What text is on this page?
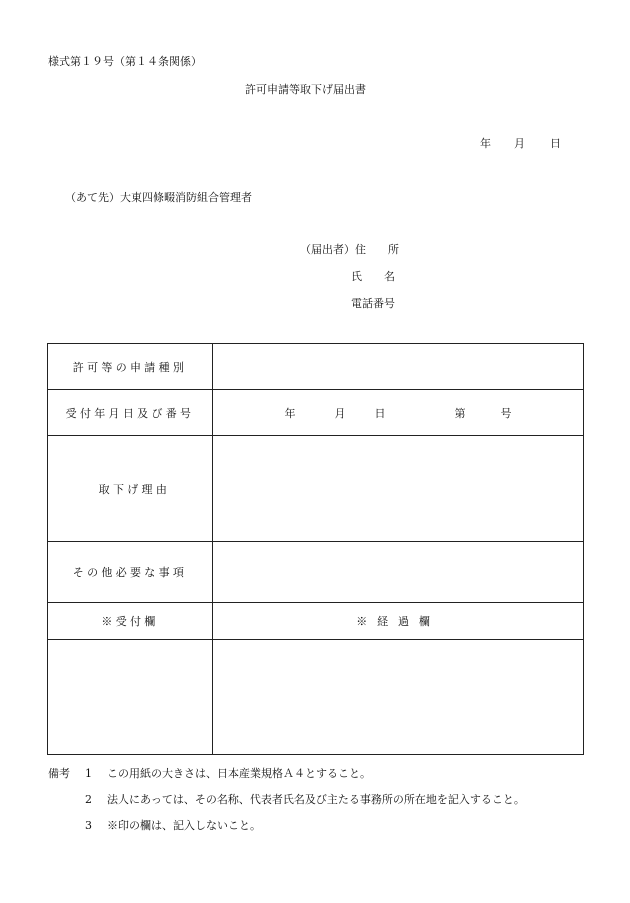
様式第１９号（第１４条関係）
許可申請等取下げ届出書
年 月 日
（あて先）大東四條畷消防組合管理者
（届出者）住　　所
氏　　名
電話番号
許可等の申請種別	
受付年月日及び番号	年 月 日 第 号
取下げ理由	
その他必要な事項	
※受付欄	※経過欄

備考 1 この用紙の大きさは、日本産業規格Ａ４とすること。
2 法人にあっては、その名称、代表者氏名及び主たる事務所の所在地を記入すること。
3 ※印の欄は、記入しないこと。
